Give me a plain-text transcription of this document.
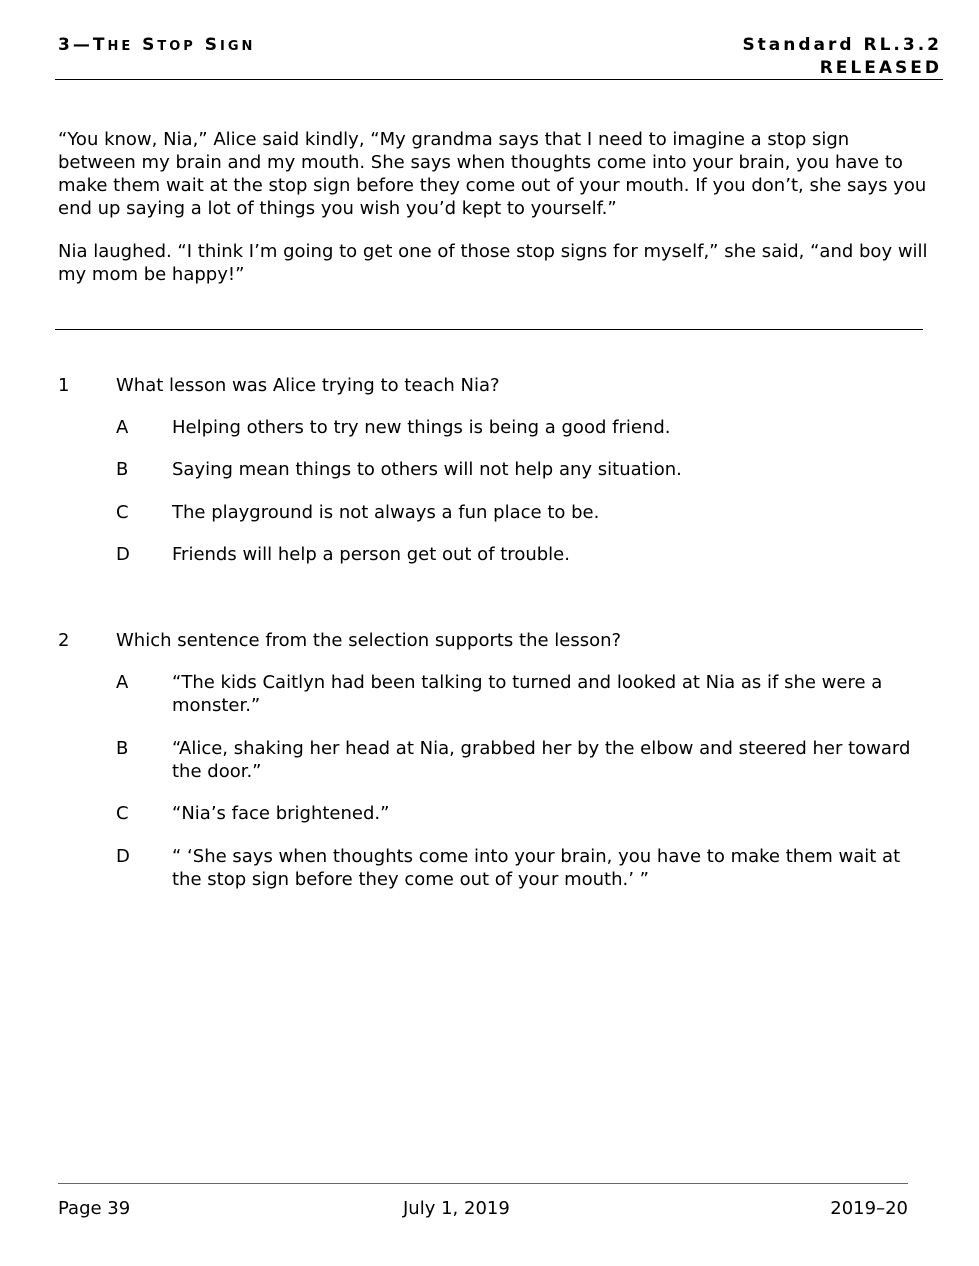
3—THE STOP SIGN	Standard RL.3.2
RELEASED

“You know, Nia,” Alice said kindly, “My grandma says that I need to imagine a stop sign between my brain and my mouth. She says when thoughts come into your brain, you have to make them wait at the stop sign before they come out of your mouth. If you don’t, she says you end up saying a lot of things you wish you’d kept to yourself.”

Nia laughed. “I think I’m going to get one of those stop signs for myself,” she said, “and boy will my mom be happy!”

1	What lesson was Alice trying to teach Nia?
A Helping others to try new things is being a good friend.
B Saying mean things to others will not help any situation.
C The playground is not always a fun place to be.
D Friends will help a person get out of trouble.
2	Which sentence from the selection supports the lesson?
A “The kids Caitlyn had been talking to turned and looked at Nia as if she were a monster.”
B “Alice, shaking her head at Nia, grabbed her by the elbow and steered her toward the door.”
C “Nia’s face brightened.”
D “ ‘She says when thoughts come into your brain, you have to make them wait at the stop sign before they come out of your mouth.’ ”
Page 39	July 1, 2019	2019–20
